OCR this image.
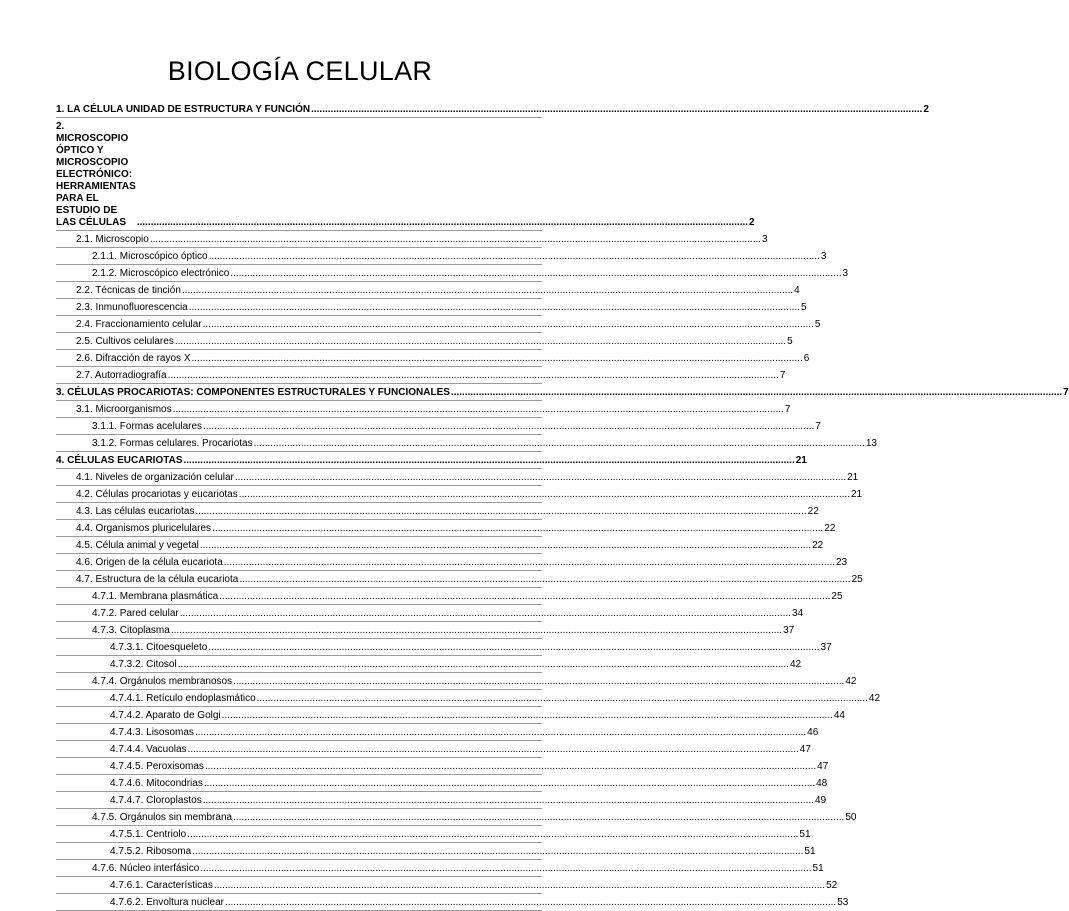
BIOLOGÍA CELULAR
1. LA CÉLULA UNIDAD DE ESTRUCTURA Y FUNCIÓN ............................................................................................................................................................................................................................ 2
2. MICROSCOPIO ÓPTICO Y MICROSCOPIO ELECTRÓNICO: HERRAMIENTAS PARA EL ESTUDIO DE LAS CÉLULAS	............................................................................................................................................................................................................................ 2
2.1. Microscopio ............................................................................................................................................................................................................................ 3
2.1.1. Microscópico óptico ............................................................................................................................................................................................................................ 3
2.1.2. Microscópico electrónico ............................................................................................................................................................................................................................ 3
2.2. Técnicas de tinción ............................................................................................................................................................................................................................ 4
2.3. Inmunofluorescencia ............................................................................................................................................................................................................................ 5
2.4. Fraccionamiento celular ............................................................................................................................................................................................................................ 5
2.5. Cultivos celulares ............................................................................................................................................................................................................................ 5
2.6. Difracción de rayos X ............................................................................................................................................................................................................................ 6
2.7. Autorradiografía ............................................................................................................................................................................................................................ 7
3. CÉLULAS PROCARIOTAS: COMPONENTES ESTRUCTURALES Y FUNCIONALES ............................................................................................................................................................................................................................ 7
3.1. Microorganismos ............................................................................................................................................................................................................................ 7
3.1.1. Formas acelulares ............................................................................................................................................................................................................................ 7
3.1.2. Formas celulares. Procariotas ............................................................................................................................................................................................................................ 13
4. CÉLULAS EUCARIOTAS ............................................................................................................................................................................................................................ 21
4.1. Niveles de organización celular ............................................................................................................................................................................................................................ 21
4.2. Células procariotas y eucariotas ............................................................................................................................................................................................................................ 21
4.3. Las células eucariotas ............................................................................................................................................................................................................................ 22
4.4. Organismos pluricelulares ............................................................................................................................................................................................................................ 22
4.5. Célula animal y vegetal ............................................................................................................................................................................................................................ 22
4.6. Origen de la célula eucariota ............................................................................................................................................................................................................................ 23
4.7. Estructura de la célula eucariota ............................................................................................................................................................................................................................ 25
4.7.1. Membrana plasmática ............................................................................................................................................................................................................................ 25
4.7.2. Pared celular ............................................................................................................................................................................................................................ 34
4.7.3. Citoplasma ............................................................................................................................................................................................................................ 37
4.7.3.1. Citoesqueleto ............................................................................................................................................................................................................................ 37
4.7.3.2. Citosol ............................................................................................................................................................................................................................ 42
4.7.4. Orgánulos membranosos ............................................................................................................................................................................................................................ 42
4.7.4.1. Retículo endoplasmático ............................................................................................................................................................................................................................ 42
4.7.4.2. Aparato de Golgi ............................................................................................................................................................................................................................ 44
4.7.4.3. Lisosomas ............................................................................................................................................................................................................................ 46
4.7.4.4. Vacuolas ............................................................................................................................................................................................................................ 47
4.7.4.5. Peroxisomas ............................................................................................................................................................................................................................ 47
4.7.4.6. Mitocondrias ............................................................................................................................................................................................................................ 48
4.7.4.7. Cloroplastos ............................................................................................................................................................................................................................ 49
4.7.5. Orgánulos sin membrana ............................................................................................................................................................................................................................ 50
4.7.5.1. Centriolo ............................................................................................................................................................................................................................ 51
4.7.5.2. Ribosoma ............................................................................................................................................................................................................................ 51
4.7.6. Núcleo interfásico ............................................................................................................................................................................................................................ 51
4.7.6.1. Características ............................................................................................................................................................................................................................ 52
4.7.6.2. Envoltura nuclear ............................................................................................................................................................................................................................ 53
